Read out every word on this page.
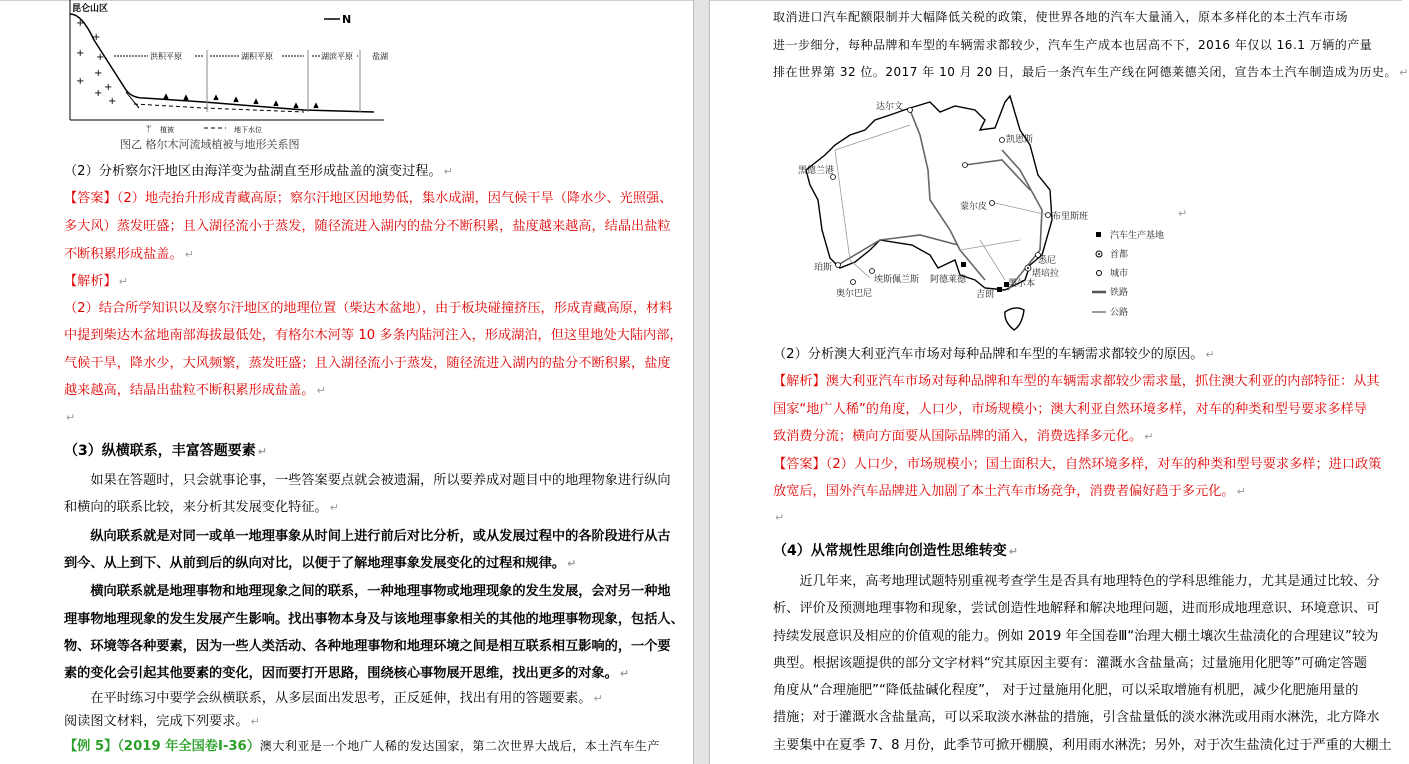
+
+
+ +
+
+
+
+
+
昆仑山区
N
洪积平原	湖积平原	湖滨平原 盐湖
ᛘ 植被	地下水位
图乙 格尔木河流域植被与地形关系图
（2）分析察尔汗地区由海洋变为盐湖直至形成盐盖的演变过程。 ↵
【答案】（2）地壳抬升形成青藏高原；察尔汗地区因地势低，集水成湖，因气候干旱（降水少、光照强、
多大风）蒸发旺盛；且入湖径流小于蒸发，随径流进入湖内的盐分不断积累，盐度越来越高，结晶出盐粒
不断积累形成盐盖。 ↵
【解析】 ↵
（2）结合所学知识以及察尔汗地区的地理位置（柴达木盆地），由于板块碰撞挤压，形成青藏高原，材料
中提到柴达木盆地南部海拔最低处，有格尔木河等 10 多条内陆河注入，形成湖泊，但这里地处大陆内部，
气候干旱，降水少，大风频繁，蒸发旺盛；且入湖径流小于蒸发，随径流进入湖内的盐分不断积累，盐度
越来越高，结晶出盐粒不断积累形成盐盖。 ↵
↵
（3）纵横联系，丰富答题要素 ↵
　　如果在答题时，只会就事论事，一些答案要点就会被遗漏，所以要养成对题目中的地理物象进行纵向
和横向的联系比较，来分析其发展变化特征。 ↵
　　纵向联系就是对同一或单一地理事象从时间上进行前后对比分析，或从发展过程中的各阶段进行从古
到今、从上到下、从前到后的纵向对比，以便于了解地理事象发展变化的过程和规律。 ↵
　　横向联系就是地理事物和地理现象之间的联系，一种地理事物或地理现象的发生发展，会对另一种地
理事物地理现象的发生发展产生影响。找出事物本身及与该地理事象相关的其他的地理事物现象，包括人、
物、环境等各种要素，因为一些人类活动、各种地理事物和地理环境之间是相互联系相互影响的，一个要
素的变化会引起其他要素的变化，因而要打开思路，围绕核心事物展开思维，找出更多的对象。 ↵
　　在平时练习中要学会纵横联系，从多层面出发思考，正反延伸，找出有用的答题要素。 ↵
阅读图文材料，完成下列要求。 ↵
【例 5】（2019 年全国卷Ⅰ-36）澳大利亚是一个地广人稀的发达国家，第二次世界大战后，本土汽车生产
取消进口汽车配额限制并大幅降低关税的政策，使世界各地的汽车大量涌入，原本多样化的本土汽车市场
进一步细分，每种品牌和车型的车辆需求都较少，汽车生产成本也居高不下，2016 年仅以 16.1 万辆的产量
排在世界第 32 位。2017 年 10 月 20 日，最后一条汽车生产线在阿德莱德关闭，宣告本土汽车制造成为历史。 ↵
达尔文
凯恩斯
黑德兰港
蒙尔皮
布里斯班
悉尼
堪培拉
珀斯
奥尔巴尼
埃斯佩兰斯 阿德莱德	墨尔本
吉朗
汽车生产基地
首都
城市
铁路
公路
↵
（2）分析澳大利亚汽车市场对每种品牌和车型的车辆需求都较少的原因。 ↵
【解析】澳大利亚汽车市场对每种品牌和车型的车辆需求都较少需求量，抓住澳大利亚的内部特征：从其
国家“地广人稀”的角度，人口少，市场规模小；澳大利亚自然环境多样，对车的种类和型号要求多样导
致消费分流；横向方面要从国际品牌的涌入，消费选择多元化。 ↵
【答案】（2）人口少，市场规模小；国土面积大，自然环境多样，对车的种类和型号要求多样；进口政策
放宽后，国外汽车品牌进入加剧了本土汽车市场竞争，消费者偏好趋于多元化。 ↵
↵
（4）从常规性思维向创造性思维转变 ↵
　　近几年来，高考地理试题特别重视考查学生是否具有地理特色的学科思维能力，尤其是通过比较、分
析、评价及预测地理事物和现象，尝试创造性地解释和解决地理问题，进而形成地理意识、环境意识、可
持续发展意识及相应的价值观的能力。例如 2019 年全国卷Ⅲ“治理大棚土壤次生盐渍化的合理建议”较为
典型。根据该题提供的部分文字材料“究其原因主要有：灌溉水含盐量高；过量施用化肥等”可确定答题
角度从“合理施肥”“降低盐碱化程度”， 对于过量施用化肥，可以采取增施有机肥，减少化肥施用量的
措施；对于灌溉水含盐量高，可以采取淡水淋盐的措施，引含盐量低的淡水淋洗或用雨水淋洗，北方降水
主要集中在夏季 7、8 月份，此季节可掀开棚膜，利用雨水淋洗；另外，对于次生盐渍化过于严重的大棚土
